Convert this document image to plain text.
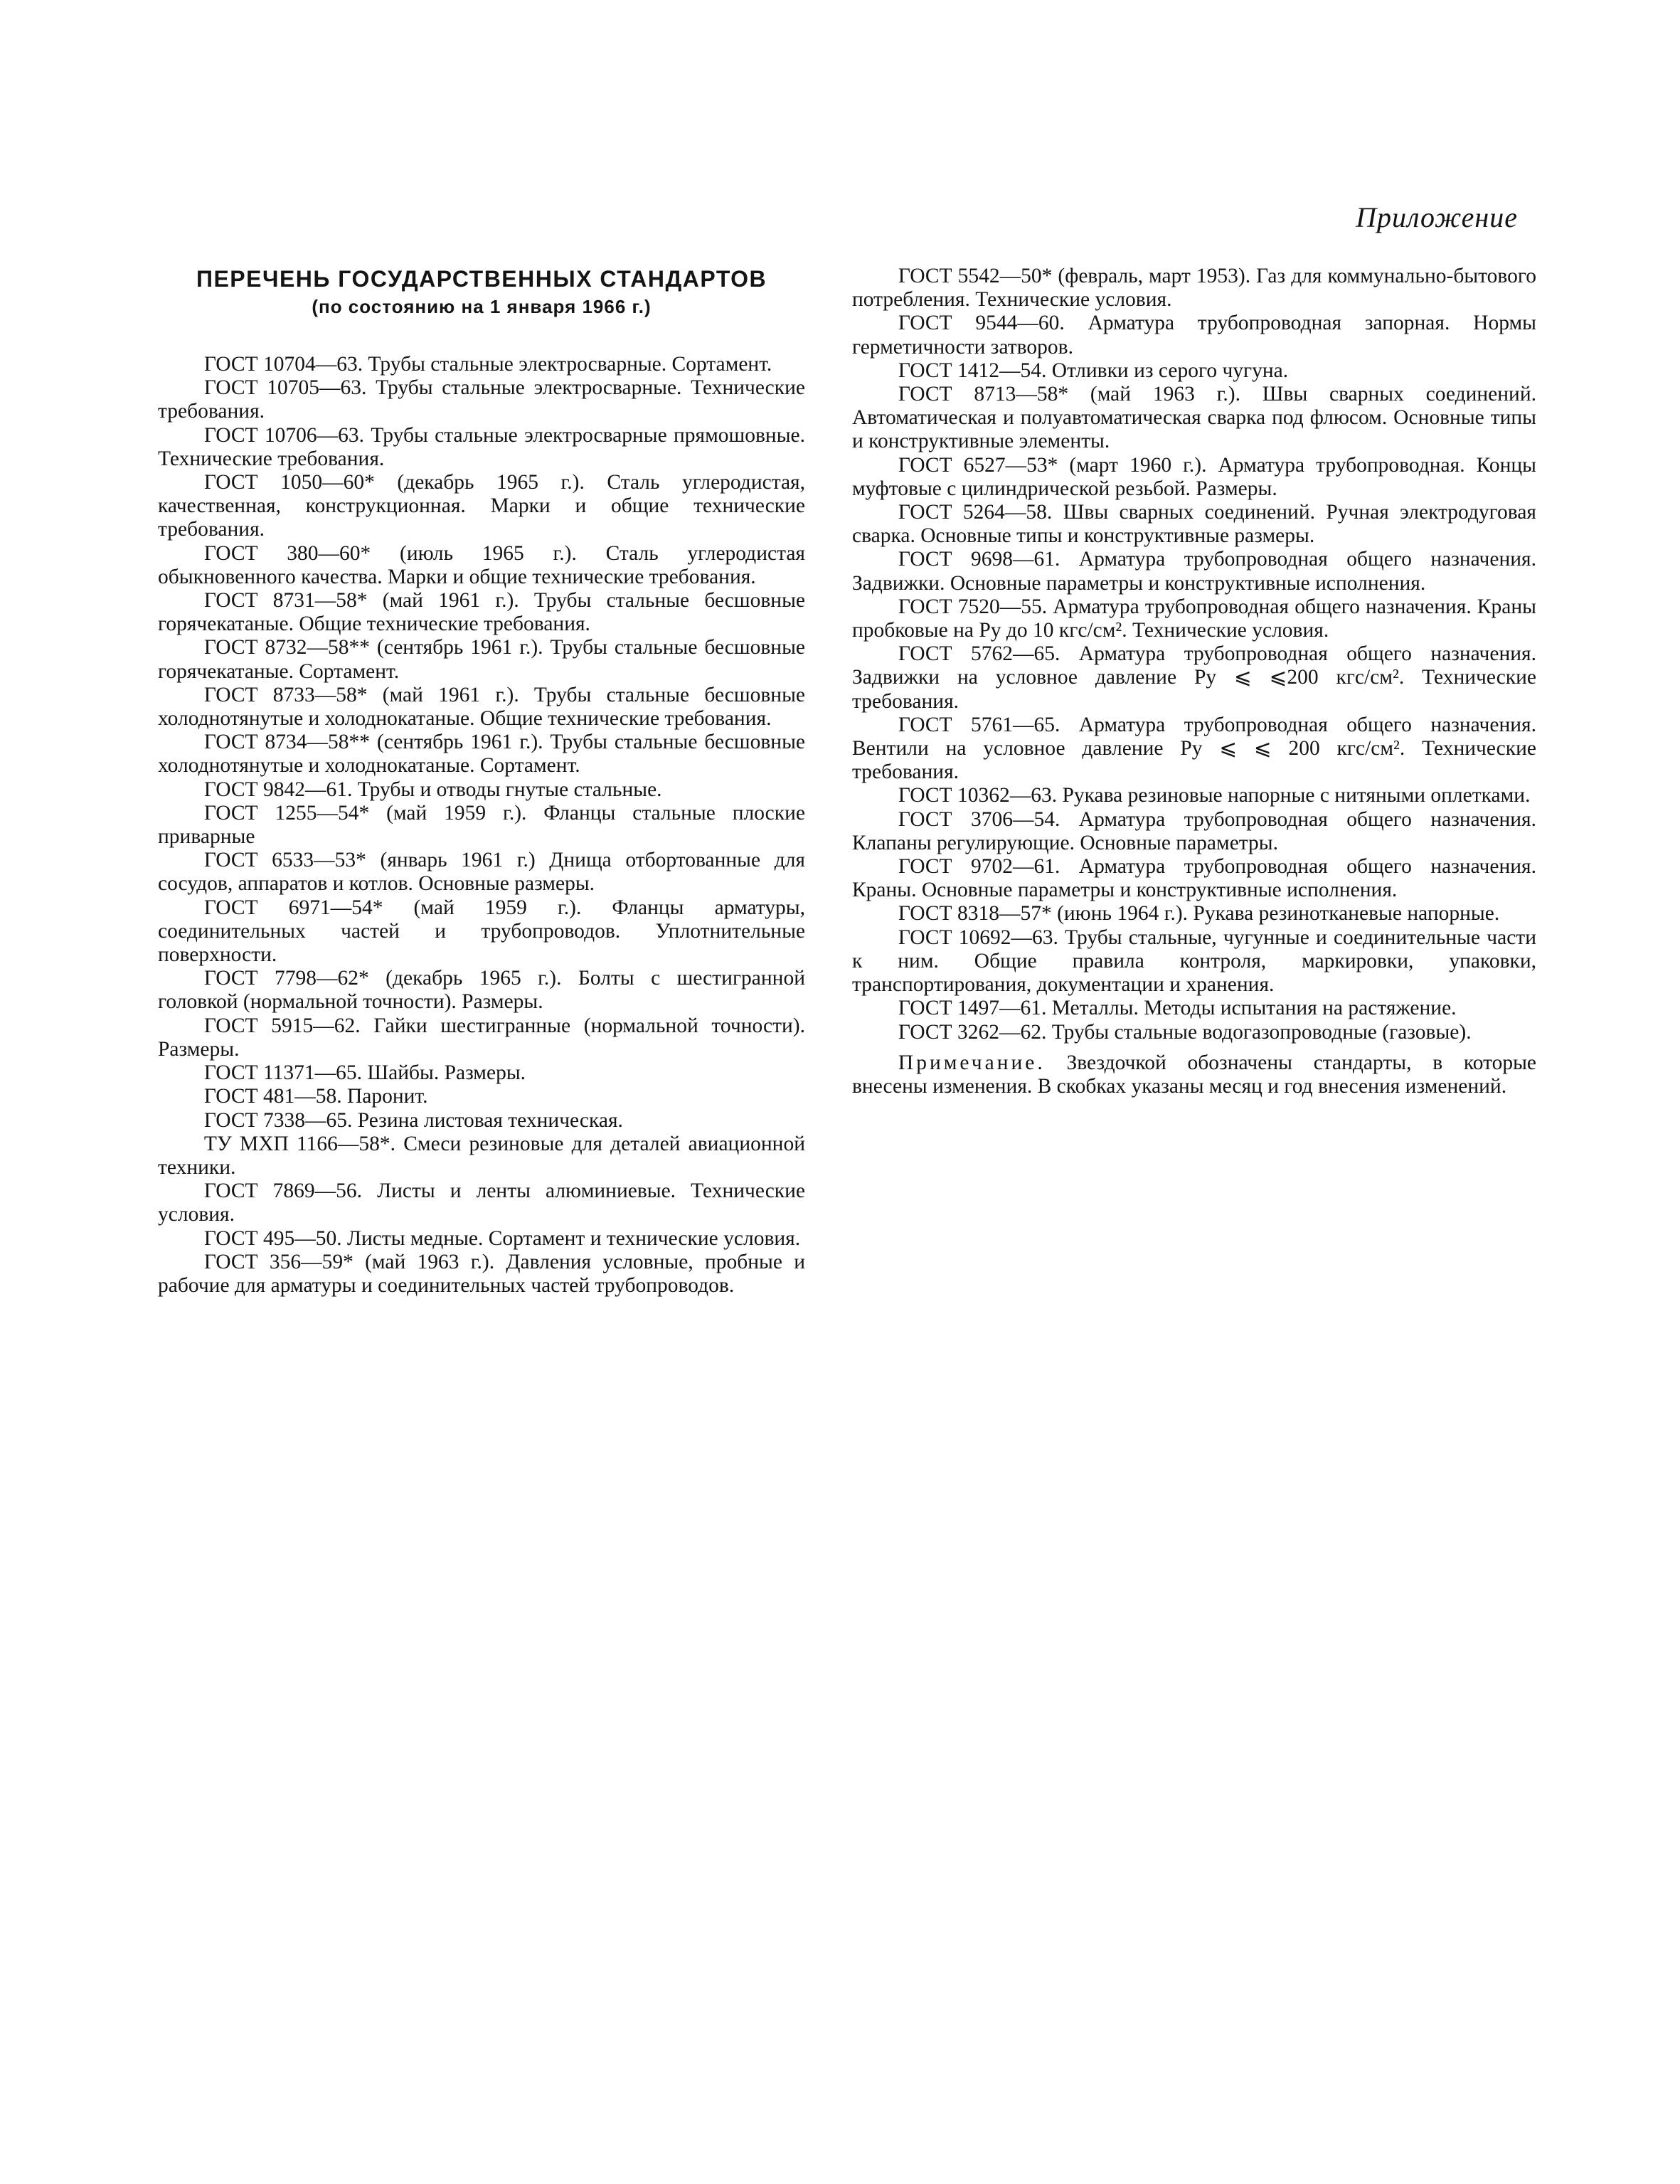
Приложение
ПЕРЕЧЕНЬ ГОСУДАРСТВЕННЫХ СТАНДАРТОВ
(по состоянию на 1 января 1966 г.)

ГОСТ 10704—63. Трубы стальные электросварные. Сортамент.

ГОСТ 10705—63. Трубы стальные электросварные. Технические требования.

ГОСТ 10706—63. Трубы стальные электросварные прямошовные. Технические требования.

ГОСТ 1050—60* (декабрь 1965 г.). Сталь углеродистая, качественная, конструкционная. Марки и общие технические требования.

ГОСТ 380—60* (июль 1965 г.). Сталь углеродистая обыкновенного качества. Марки и общие технические требования.

ГОСТ 8731—58* (май 1961 г.). Трубы стальные бесшовные горячекатаные. Общие технические требования.

ГОСТ 8732—58** (сентябрь 1961 г.). Трубы стальные бесшовные горячекатаные. Сортамент.

ГОСТ 8733—58* (май 1961 г.). Трубы стальные бесшовные холоднотянутые и холоднокатаные. Общие технические требования.

ГОСТ 8734—58** (сентябрь 1961 г.). Трубы стальные бесшовные холоднотянутые и холоднокатаные. Сортамент.

ГОСТ 9842—61. Трубы и отводы гнутые стальные.

ГОСТ 1255—54* (май 1959 г.). Фланцы стальные плоские приварные

ГОСТ 6533—53* (январь 1961 г.) Днища отбортованные для сосудов, аппаратов и котлов. Основные размеры.

ГОСТ 6971—54* (май 1959 г.). Фланцы арматуры, соединительных частей и трубопроводов. Уплотнительные поверхности.

ГОСТ 7798—62* (декабрь 1965 г.). Болты с шестигранной головкой (нормальной точности). Размеры.

ГОСТ 5915—62. Гайки шестигранные (нормальной точности). Размеры.

ГОСТ 11371—65. Шайбы. Размеры.

ГОСТ 481—58. Паронит.

ГОСТ 7338—65. Резина листовая техническая.

ТУ МХП 1166—58*. Смеси резиновые для деталей авиационной техники.

ГОСТ 7869—56. Листы и ленты алюминиевые. Технические условия.

ГОСТ 495—50. Листы медные. Сортамент и технические условия.

ГОСТ 356—59* (май 1963 г.). Давления условные, пробные и рабочие для арматуры и соединительных частей трубопроводов.

ГОСТ 5542—50* (февраль, март 1953). Газ для коммунально-бытового потребления. Технические условия.

ГОСТ 9544—60. Арматура трубопроводная запорная. Нормы герметичности затворов.

ГОСТ 1412—54. Отливки из серого чугуна.

ГОСТ 8713—58* (май 1963 г.). Швы сварных соединений. Автоматическая и полуавтоматическая сварка под флюсом. Основные типы и конструктивные элементы.

ГОСТ 6527—53* (март 1960 г.). Арматура трубопроводная. Концы муфтовые с цилиндрической резьбой. Размеры.

ГОСТ 5264—58. Швы сварных соединений. Ручная электродуговая сварка. Основные типы и конструктивные размеры.

ГОСТ 9698—61. Арматура трубопроводная общего назначения. Задвижки. Основные параметры и конструктивные исполнения.

ГОСТ 7520—55. Арматура трубопроводная общего назначения. Краны пробковые на Pу до 10 кгс/см². Технические условия.

ГОСТ 5762—65. Арматура трубопроводная общего назначения. Задвижки на условное давление Pу ⩽ ⩽200 кгс/см². Технические требования.

ГОСТ 5761—65. Арматура трубопроводная общего назначения. Вентили на условное давление Pу ⩽ ⩽ 200 кгс/см². Технические требования.

ГОСТ 10362—63. Рукава резиновые напорные с нитяными оплетками.

ГОСТ 3706—54. Арматура трубопроводная общего назначения. Клапаны регулирующие. Основные параметры.

ГОСТ 9702—61. Арматура трубопроводная общего назначения. Краны. Основные параметры и конструктивные исполнения.

ГОСТ 8318—57* (июнь 1964 г.). Рукава резинотканевые напорные.

ГОСТ 10692—63. Трубы стальные, чугунные и соединительные части к ним. Общие правила контроля, маркировки, упаковки, транспортирования, документации и хранения.

ГОСТ 1497—61. Металлы. Методы испытания на растяжение.

ГОСТ 3262—62. Трубы стальные водогазопроводные (газовые).

Примечание. Звездочкой обозначены стандарты, в которые внесены изменения. В скобках указаны месяц и год внесения изменений.
